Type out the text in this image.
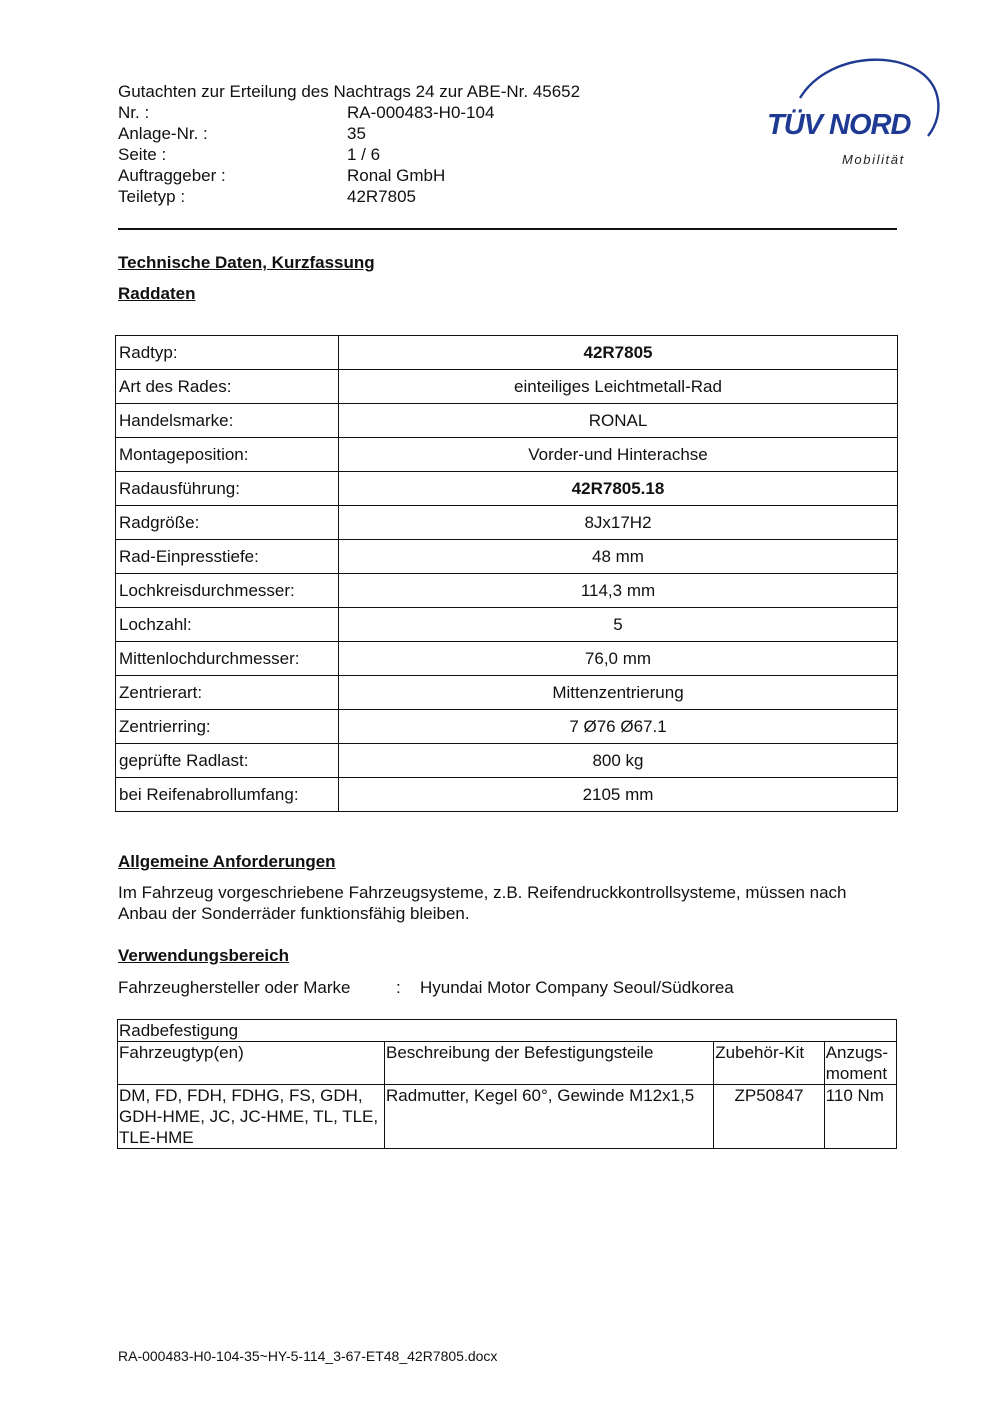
Gutachten zur Erteilung des Nachtrags 24 zur ABE-Nr. 45652
Nr. :	RA-000483-H0-104
Anlage-Nr. :	35
Seite :	1 / 6
Auftraggeber :	Ronal GmbH
Teiletyp :	42R7805
TÜV NORD
Mobilität
Technische Daten, Kurzfassung
Raddaten
Radtyp:	42R7805
Art des Rades:	einteiliges Leichtmetall-Rad
Handelsmarke:	RONAL
Montageposition:	Vorder-und Hinterachse
Radausführung:	42R7805.18
Radgröße:	8Jx17H2
Rad-Einpresstiefe:	48 mm
Lochkreisdurchmesser:	114,3 mm
Lochzahl:	5
Mittenlochdurchmesser:	76,0 mm
Zentrierart:	Mittenzentrierung
Zentrierring:	7 Ø76 Ø67.1
geprüfte Radlast:	800 kg
bei Reifenabrollumfang:	2105 mm
Allgemeine Anforderungen
Im Fahrzeug vorgeschriebene Fahrzeugsysteme, z.B. Reifendruckkontrollsysteme, müssen nach Anbau der Sonderräder funktionsfähig bleiben.
Verwendungsbereich
Fahrzeughersteller oder Marke	:	Hyundai Motor Company Seoul/Südkorea
Radbefestigung			
Fahrzeugtyp(en)	Beschreibung der Befestigungsteile	Zubehör-Kit	Anzugs-moment
DM, FD, FDH, FDHG, FS, GDH, GDH-HME, JC, JC-HME, TL, TLE, TLE-HME	Radmutter, Kegel 60°, Gewinde M12x1,5	ZP50847	110 Nm
RA-000483-H0-104-35~HY-5-114_3-67-ET48_42R7805.docx
